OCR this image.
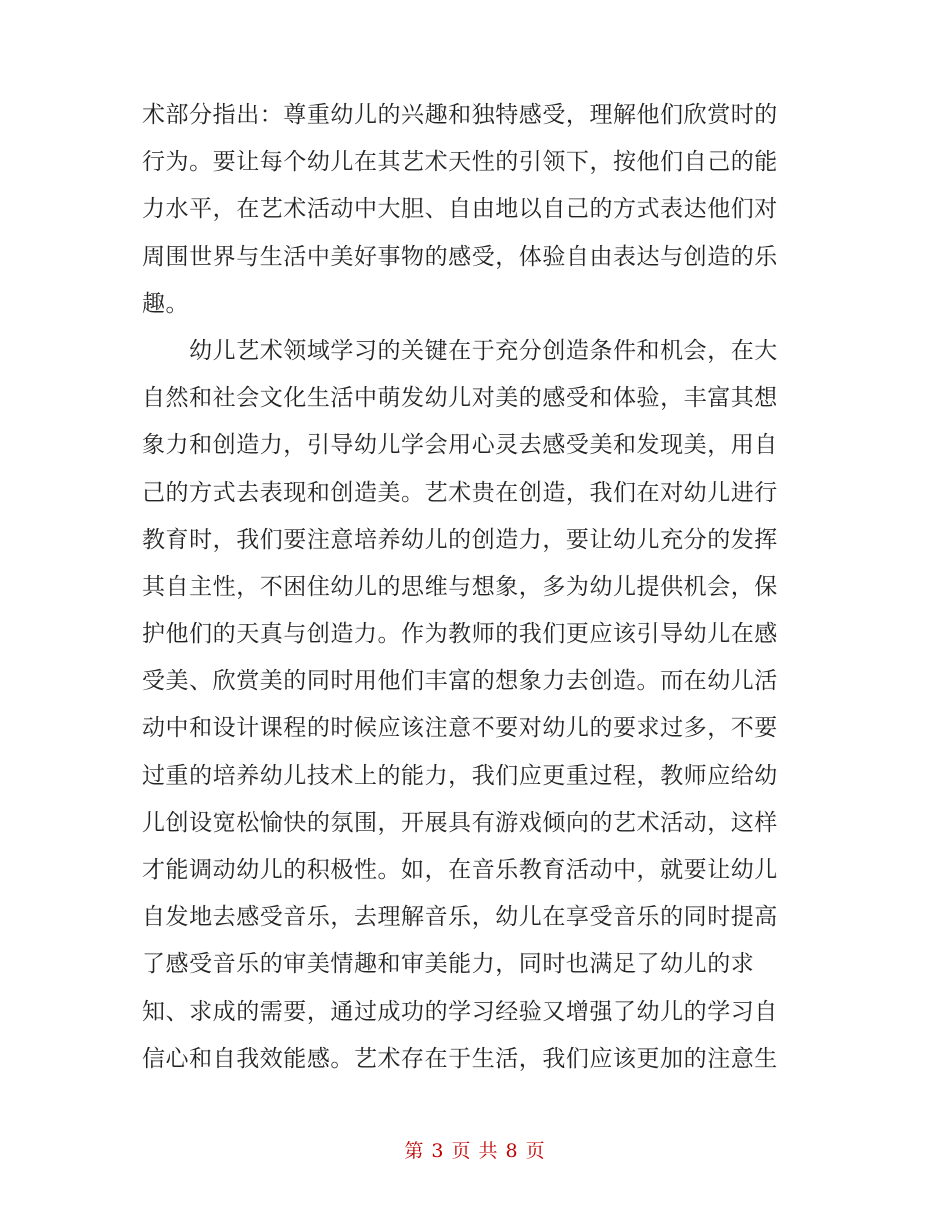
术部分指出：尊重幼儿的兴趣和独特感受，理解他们欣赏时的
行为。要让每个幼儿在其艺术天性的引领下，按他们自己的能
力水平，在艺术活动中大胆、自由地以自己的方式表达他们对
周围世界与生活中美好事物的感受，体验自由表达与创造的乐
趣。
　　幼儿艺术领域学习的关键在于充分创造条件和机会，在大
自然和社会文化生活中萌发幼儿对美的感受和体验，丰富其想
象力和创造力，引导幼儿学会用心灵去感受美和发现美，用自
己的方式去表现和创造美。艺术贵在创造，我们在对幼儿进行
教育时，我们要注意培养幼儿的创造力，要让幼儿充分的发挥
其自主性，不困住幼儿的思维与想象，多为幼儿提供机会，保
护他们的天真与创造力。作为教师的我们更应该引导幼儿在感
受美、欣赏美的同时用他们丰富的想象力去创造。而在幼儿活
动中和设计课程的时候应该注意不要对幼儿的要求过多，不要
过重的培养幼儿技术上的能力，我们应更重过程，教师应给幼
儿创设宽松愉快的氛围，开展具有游戏倾向的艺术活动，这样
才能调动幼儿的积极性。如，在音乐教育活动中，就要让幼儿
自发地去感受音乐，去理解音乐，幼儿在享受音乐的同时提高
了感受音乐的审美情趣和审美能力，同时也满足了幼儿的求
知、求成的需要，通过成功的学习经验又增强了幼儿的学习自
信心和自我效能感。艺术存在于生活，我们应该更加的注意生
第 3 页 共 8 页
